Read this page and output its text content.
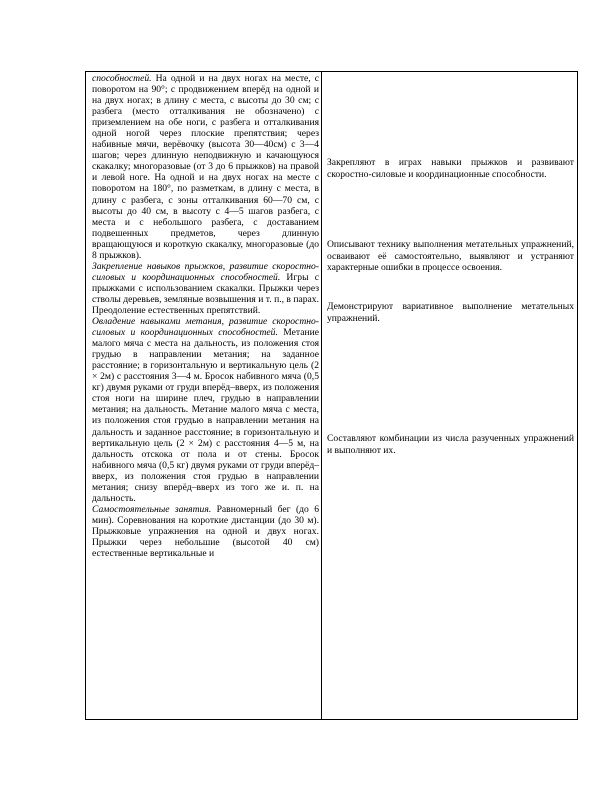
способностей. На одной и на двух ногах на месте, с поворотом на 90°; с продвижением вперёд на одной и на двух ногах; в длину с места, с высоты до 30 см; с разбега (место отталкивания не обозначено) с приземлением на обе ноги, с разбега и отталкивания одной ногой через плоские препятствия; через набивные мячи, верёвочку (высота 30—40см) с 3—4 шагов; через длинную неподвижную и качающуюся скакалку; многоразовые (от 3 до 6 прыжков) на правой и левой ноге. На одной и на двух ногах на месте с поворотом на 180°, по разметкам, в длину с места, в длину с разбега, с зоны отталкивания 60—70 см, с высоты до 40 см, в высоту с 4—5 шагов разбега, с места и с небольшого разбега, с доставанием подвешенных предметов, через длинную вращающуюся и короткую скакалку, многоразовые (до 8 прыжков).

Закрепление навыков прыжков, развитие скоростно-силовых и координационных способностей. Игры с прыжками с использованием скакалки. Прыжки через стволы деревьев, земляные возвышения и т. п., в парах. Преодоление естественных препятствий.

Овладение навыками метания, развитие скоростно-силовых и координационных способностей. Метание малого мяча с места на дальность, из положения стоя грудью в направлении метания; на заданное расстояние; в горизонтальную и вертикальную цель (2 × 2м) с расстояния 3—4 м. Бросок набивного мяча (0,5 кг) двумя руками от груди вперёд–вверх, из положения стоя ноги на ширине плеч, грудью в направлении метания; на дальность. Метание малого мяча с места, из положения стоя грудью в направлении метания на дальность и заданное расстояние; в горизонтальную и вертикальную цель (2 × 2м) с расстояния 4—5 м, на дальность отскока от пола и от стены. Бросок набивного мяча (0,5 кг) двумя руками от груди вперёд–вверх, из положения стоя грудью в направлении метания; снизу вперёд–вверх из того же и. п. на дальность.

Самостоятельные занятия. Равномерный бег (до 6 мин). Соревнования на короткие дистанции (до 30 м). Прыжковые упражнения на одной и двух ногах. Прыжки через небольшие (высотой 40 см) естественные вертикальные и

Закрепляют в играх навыки прыжков и развивают скоростно-силовые и координационные способности.

Описывают технику выполнения метательных упражнений, осваивают её самостоятельно, выявляют и устраняют характерные ошибки в процессе освоения.

Демонстрируют вариативное выполнение метательных упражнений.

Составляют комбинации из числа разученных упражнений и выполняют их.
